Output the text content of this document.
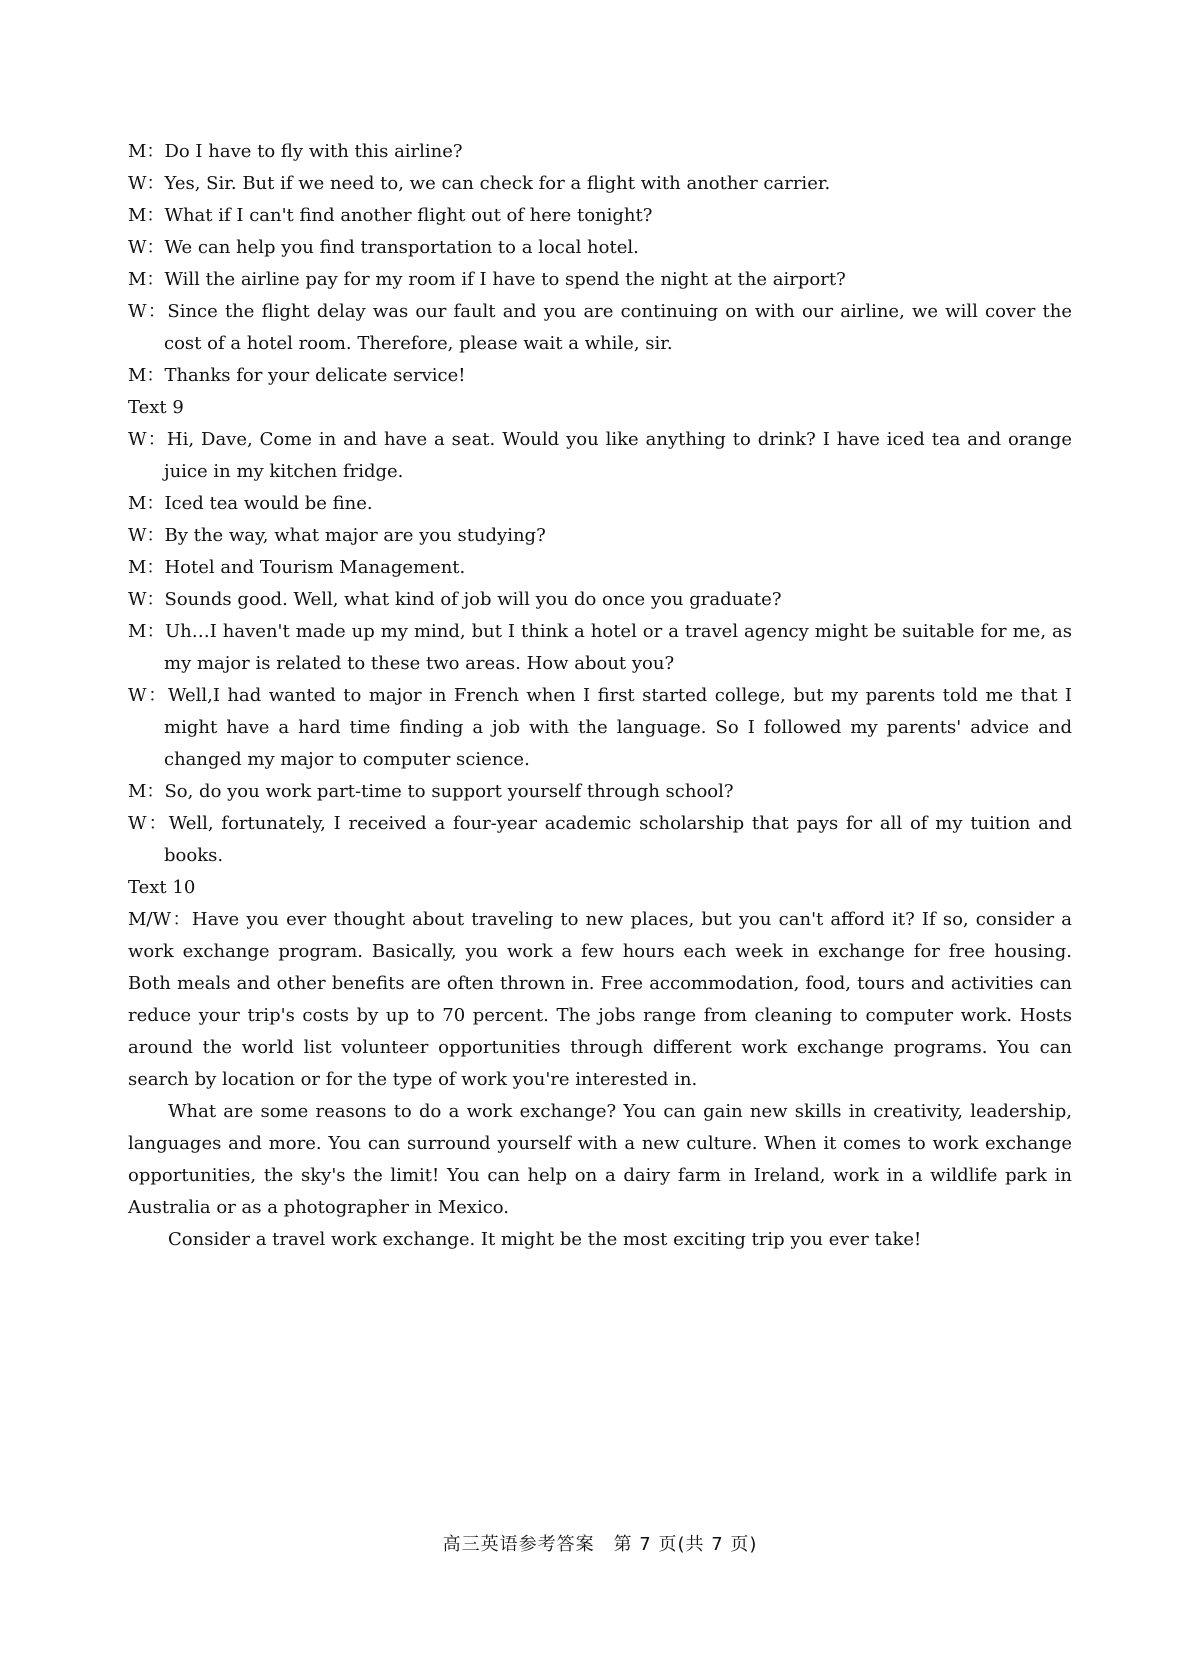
M：Do I have to fly with this airline?
W：Yes, Sir. But if we need to, we can check for a flight with another carrier.
M：What if I can't find another flight out of here tonight?
W：We can help you find transportation to a local hotel.
M：Will the airline pay for my room if I have to spend the night at the airport?
W：Since the flight delay was our fault and you are continuing on with our airline, we will cover the cost of a hotel room. Therefore, please wait a while, sir.
M：Thanks for your delicate service!
Text 9
W：Hi, Dave, Come in and have a seat. Would you like anything to drink? I have iced tea and orange juice in my kitchen fridge.
M：Iced tea would be fine.
W：By the way, what major are you studying?
M：Hotel and Tourism Management.
W：Sounds good. Well, what kind of job will you do once you graduate?
M：Uh…I haven't made up my mind, but I think a hotel or a travel agency might be suitable for me, as my major is related to these two areas. How about you?
W：Well,I had wanted to major in French when I first started college, but my parents told me that I might have a hard time finding a job with the language. So I followed my parents' advice and changed my major to computer science.
M：So, do you work part-time to support yourself through school?
W：Well, fortunately, I received a four-year academic scholarship that pays for all of my tuition and books.
Text 10
M/W：Have you ever thought about traveling to new places, but you can't afford it? If so, consider a work exchange program. Basically, you work a few hours each week in exchange for free housing. Both meals and other benefits are often thrown in. Free accommodation, food, tours and activities can reduce your trip's costs by up to 70 percent. The jobs range from cleaning to computer work. Hosts around the world list volunteer opportunities through different work exchange programs. You can search by location or for the type of work you're interested in.
What are some reasons to do a work exchange? You can gain new skills in creativity, leadership, languages and more. You can surround yourself with a new culture. When it comes to work exchange opportunities, the sky's the limit! You can help on a dairy farm in Ireland, work in a wildlife park in Australia or as a photographer in Mexico.
Consider a travel work exchange. It might be the most exciting trip you ever take!
高三英语参考答案　第 7 页(共 7 页)
